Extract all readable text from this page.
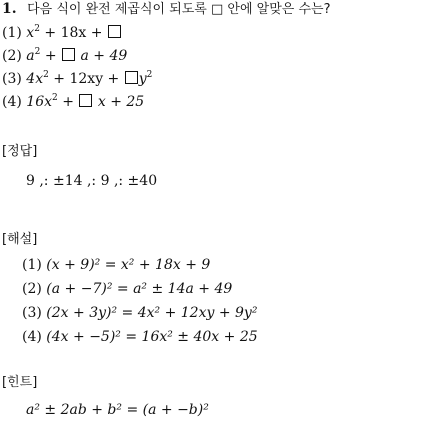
1. 다음 식이 완전 제곱식이 되도록 □ 안에 알맞은 수는?
(1) $x^2 + 18x$ +
(2) $a^2 + a + 49$
(3) $4x^2 + 12xy + y^2$
(4) $16x^2 + x + 25$
[정답]
9 ,: ±14 ,: 9 ,: ±40
[해설]
(1) (x + 9)² = x² + 18x + 9
(2) (a + −7)² = a² ± 14a + 49
(3) (2x + 3y)² = 4x² + 12xy + 9y²
(4) (4x + −5)² = 16x² ± 40x + 25
[힌트]
a² ± 2ab + b² = (a + −b)²
